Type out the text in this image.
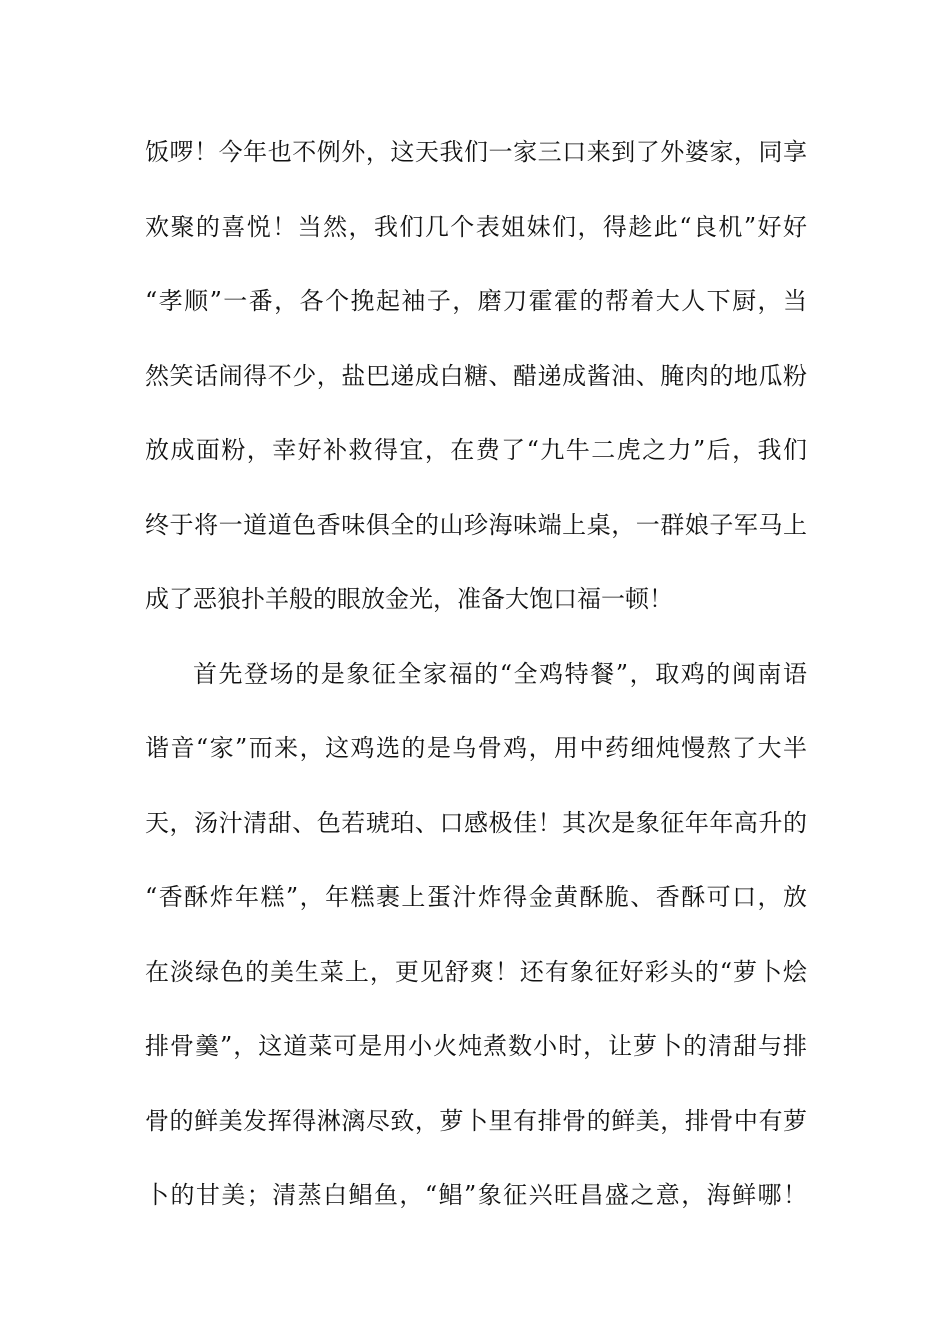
饭啰！今年也不例外，这天我们一家三口来到了外婆家，同享
欢聚的喜悦！当然，我们几个表姐妹们，得趁此“良机”好好
“孝顺”一番，各个挽起袖子，磨刀霍霍的帮着大人下厨，当
然笑话闹得不少，盐巴递成白糖、醋递成酱油、腌肉的地瓜粉
放成面粉，幸好补救得宜，在费了“九牛二虎之力”后，我们
终于将一道道色香味俱全的山珍海味端上桌，一群娘子军马上
成了恶狼扑羊般的眼放金光，准备大饱口福一顿！
首先登场的是象征全家福的“全鸡特餐”，取鸡的闽南语
谐音“家”而来，这鸡选的是乌骨鸡，用中药细炖慢熬了大半
天，汤汁清甜、色若琥珀、口感极佳！其次是象征年年高升的
“香酥炸年糕”，年糕裹上蛋汁炸得金黄酥脆、香酥可口，放
在淡绿色的美生菜上，更见舒爽！还有象征好彩头的“萝卜烩
排骨羹”，这道菜可是用小火炖煮数小时，让萝卜的清甜与排
骨的鲜美发挥得淋漓尽致，萝卜里有排骨的鲜美，排骨中有萝
卜的甘美；清蒸白鲳鱼，“鲳”象征兴旺昌盛之意，海鲜哪！
